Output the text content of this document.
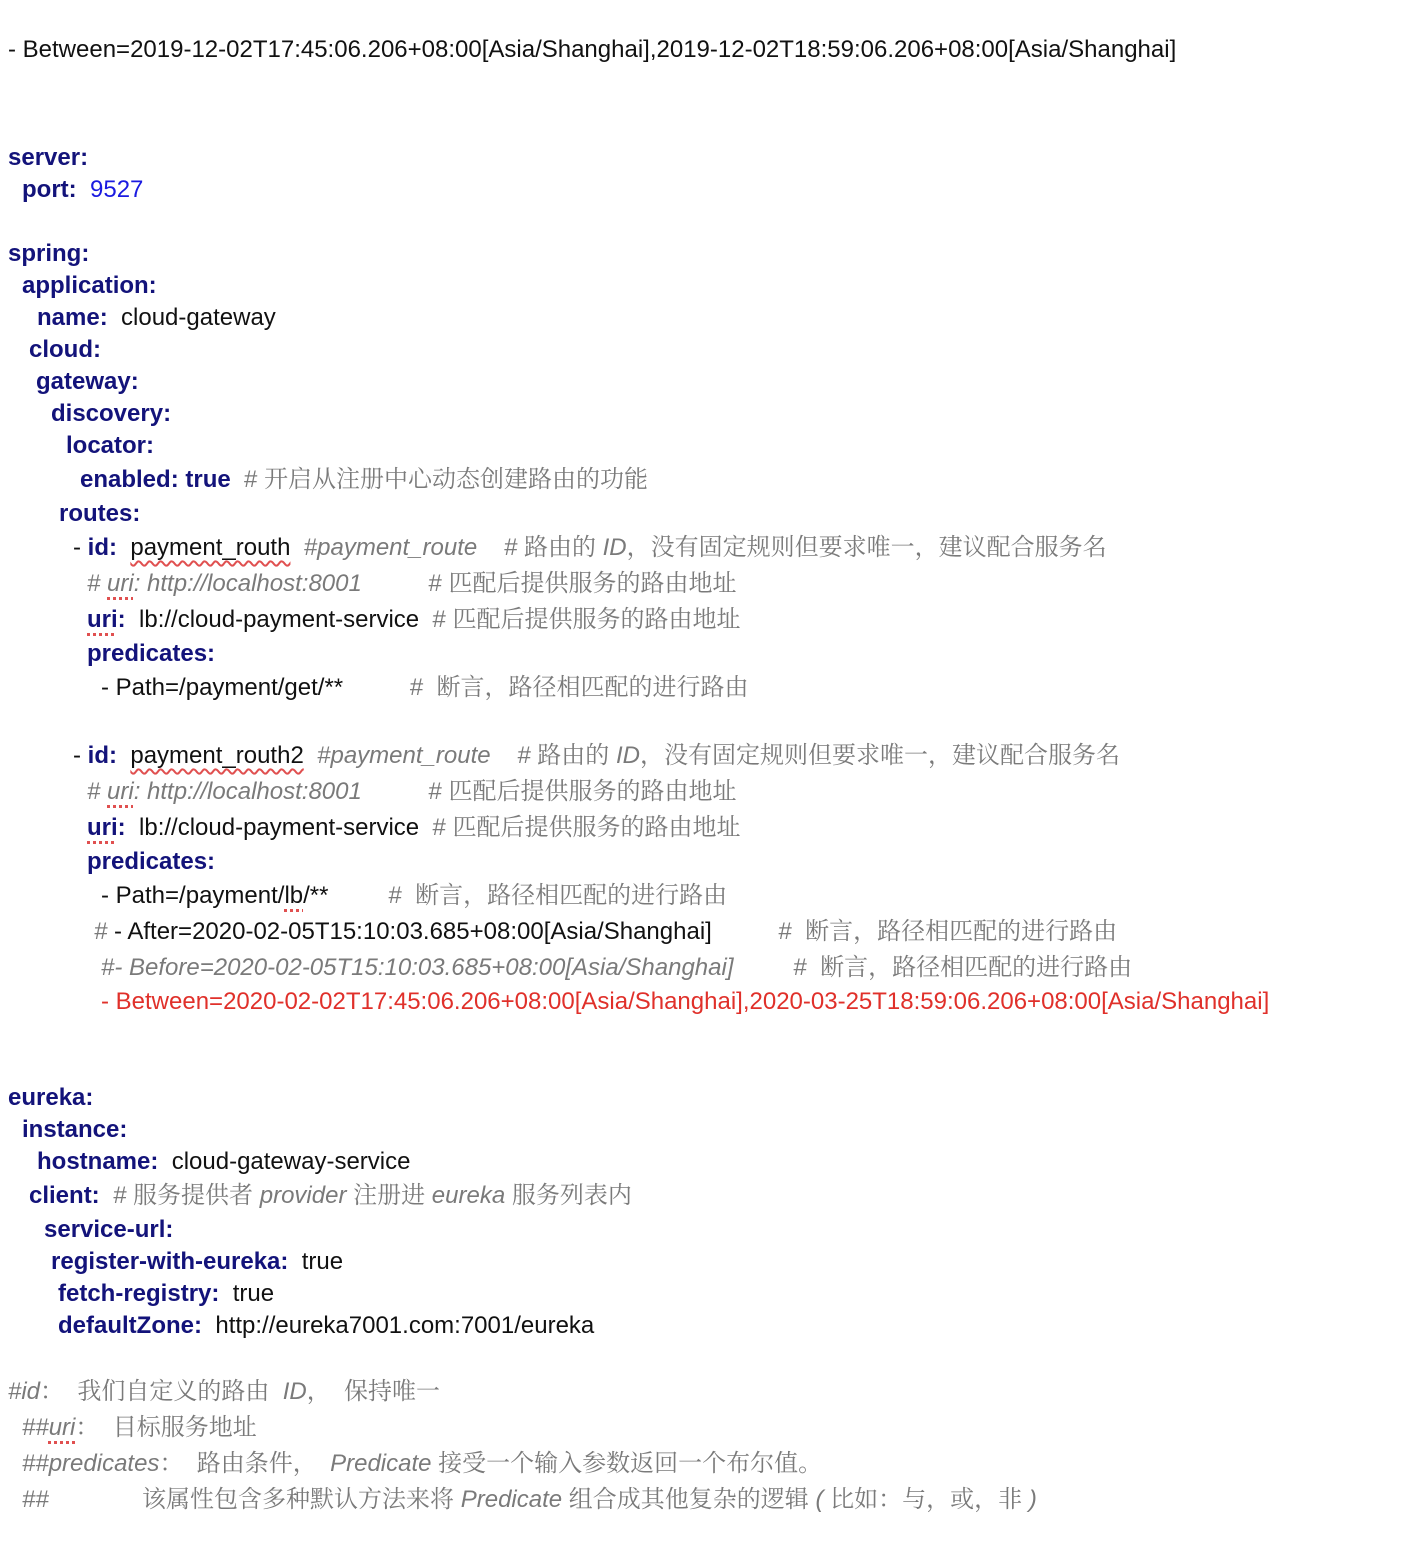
- Between=2019-12-02T17:45:06.206+08:00[Asia/Shanghai],2019-12-02T18:59:06.206+08:00[Asia/Shanghai]
server:
port: 9527
spring:
application:
name: cloud-gateway
cloud:
gateway:
discovery:
locator:
enabled: true # 开启从注册中心动态创建路由的功能
routes:
- id: payment_routh #payment_route # 路由的 ID，没有固定规则但要求唯一，建议配合服务名
# uri: http://localhost:8001	# 匹配后提供服务的路由地址
uri: lb://cloud-payment-service # 匹配后提供服务的路由地址
predicates:
- Path=/payment/get/**	#  断言，路径相匹配的进行路由
- id: payment_routh2 #payment_route # 路由的 ID，没有固定规则但要求唯一，建议配合服务名
# uri: http://localhost:8001	# 匹配后提供服务的路由地址
uri: lb://cloud-payment-service # 匹配后提供服务的路由地址
predicates:
- Path=/payment/lb/**	#  断言，路径相匹配的进行路由
# - After=2020-02-05T15:10:03.685+08:00[Asia/Shanghai]	#  断言，路径相匹配的进行路由
#- Before=2020-02-05T15:10:03.685+08:00[Asia/Shanghai]	#  断言，路径相匹配的进行路由
- Between=2020-02-02T17:45:06.206+08:00[Asia/Shanghai],2020-03-25T18:59:06.206+08:00[Asia/Shanghai]
eureka:
instance:
hostname: cloud-gateway-service
client: # 服务提供者 provider 注册进 eureka 服务列表内
service-url:
register-with-eureka: true
fetch-registry: true
defaultZone: http://eureka7001.com:7001/eureka
#id：  我们自定义的路由  ID，  保持唯一
##uri：  目标服务地址
##predicates：  路由条件，  Predicate 接受一个输入参数返回一个布尔值。
##              该属性包含多种默认方法来将 Predicate 组合成其他复杂的逻辑 ( 比如：与，或，非 )
